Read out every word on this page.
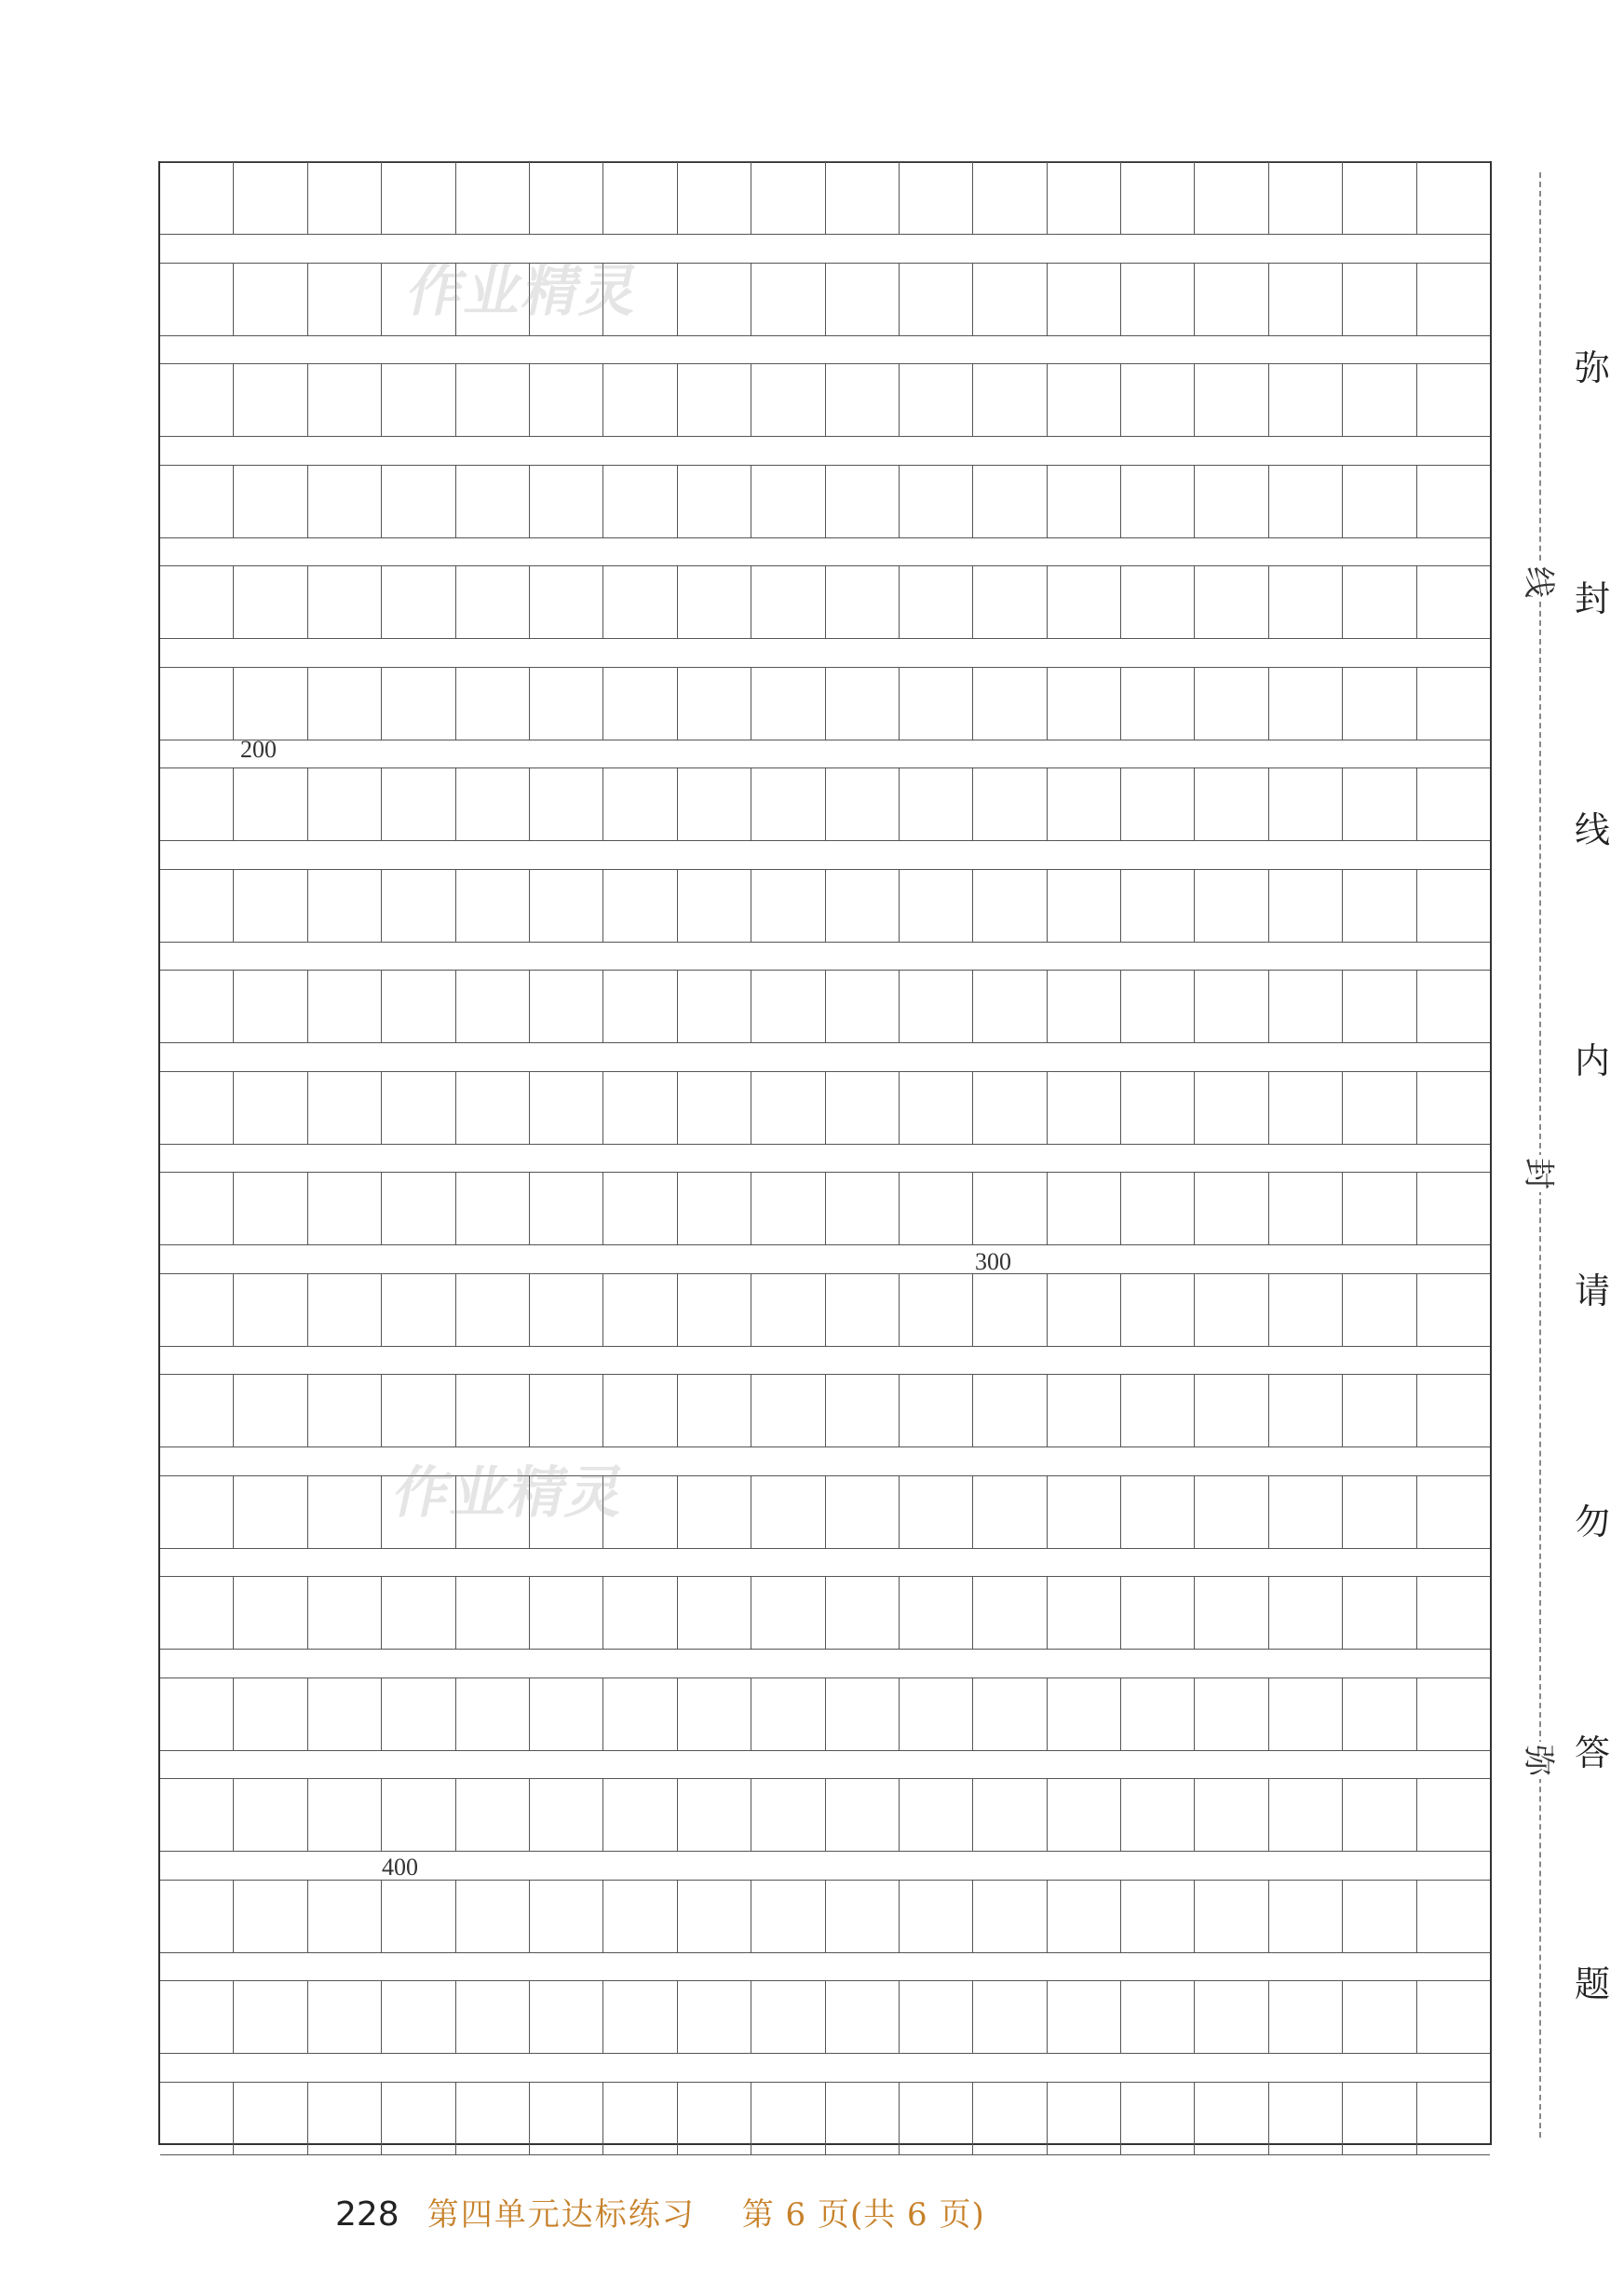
200
300
400
作业精灵
作业精灵
线
封
弥
弥
封
线
内
请
勿
答
题
228 第四单元达标练习 第 6 页(共 6 页)
